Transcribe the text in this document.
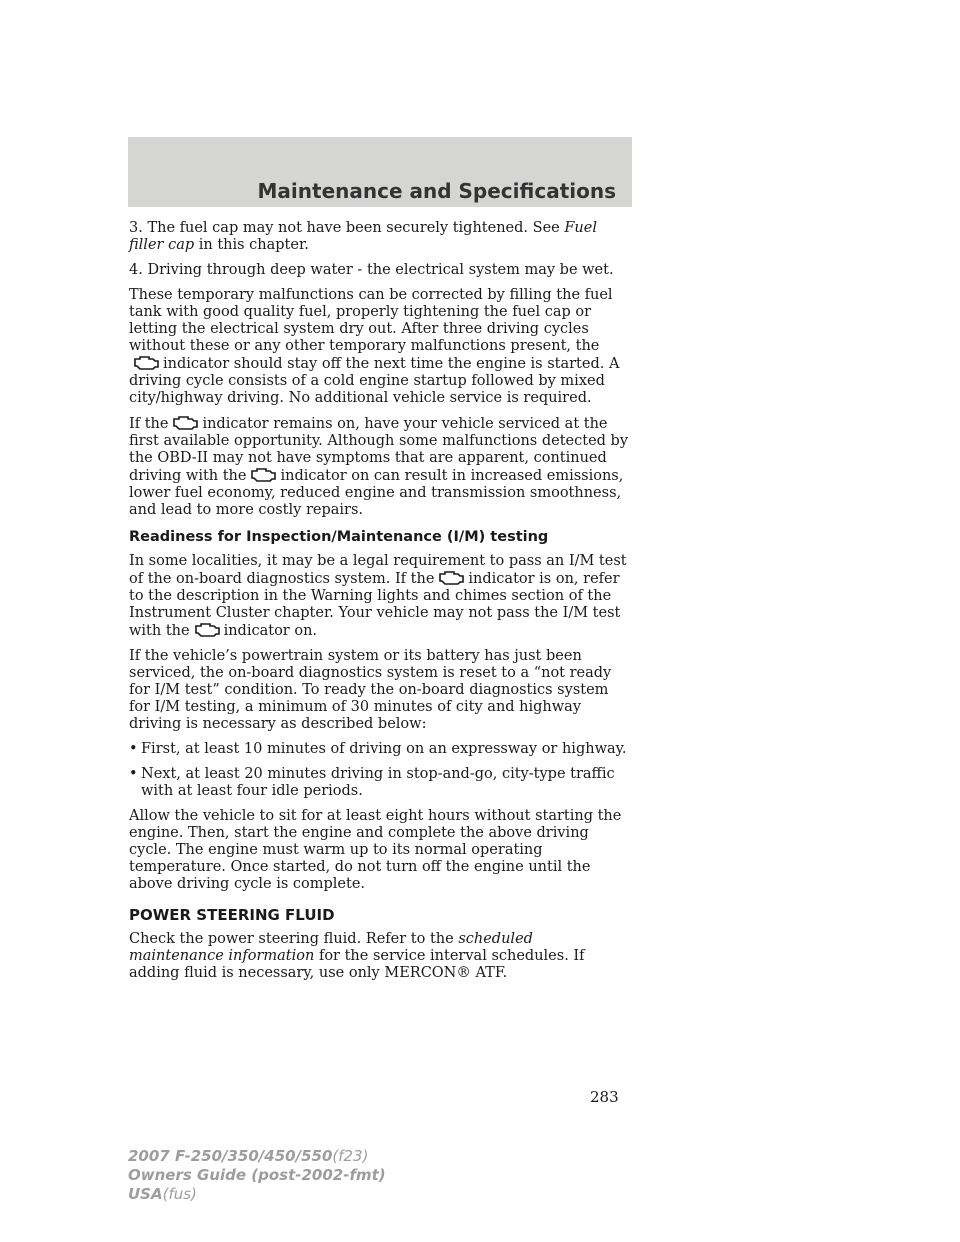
Maintenance and Specifications

3. The fuel cap may not have been securely tightened. See Fuel filler cap in this chapter.

4. Driving through deep water - the electrical system may be wet.

These temporary malfunctions can be corrected by filling the fuel tank with good quality fuel, properly tightening the fuel cap or letting the electrical system dry out. After three driving cycles without these or any other temporary malfunctions present, theindicator should stay off the next time the engine is started. A driving cycle consists of a cold engine startup followed by mixed city/highway driving. No additional vehicle service is required.

If the indicator remains on, have your vehicle serviced at the first available opportunity. Although some malfunctions detected by the OBD-II may not have symptoms that are apparent, continued driving with the indicator on can result in increased emissions, lower fuel economy, reduced engine and transmission smoothness, and lead to more costly repairs.

Readiness for Inspection/Maintenance (I/M) testing

In some localities, it may be a legal requirement to pass an I/M test of the on-board diagnostics system. If the indicator is on, refer to the description in the Warning lights and chimes section of the Instrument Cluster chapter. Your vehicle may not pass the I/M test with the indicator on.

If the vehicle’s powertrain system or its battery has just been serviced, the on-board diagnostics system is reset to a “not ready for I/M test” condition. To ready the on-board diagnostics system for I/M testing, a minimum of 30 minutes of city and highway driving is necessary as described below:

• First, at least 10 minutes of driving on an expressway or highway.
• Next, at least 20 minutes driving in stop-and-go, city-type traffic with at least four idle periods.

Allow the vehicle to sit for at least eight hours without starting the engine. Then, start the engine and complete the above driving cycle. The engine must warm up to its normal operating temperature. Once started, do not turn off the engine until the above driving cycle is complete.

POWER STEERING FLUID

Check the power steering fluid. Refer to the scheduled maintenance information for the service interval schedules. If adding fluid is necessary, use only MERCON® ATF.

283
2007 F-250/350/450/550(f23)
Owners Guide (post-2002-fmt)
USA(fus)
